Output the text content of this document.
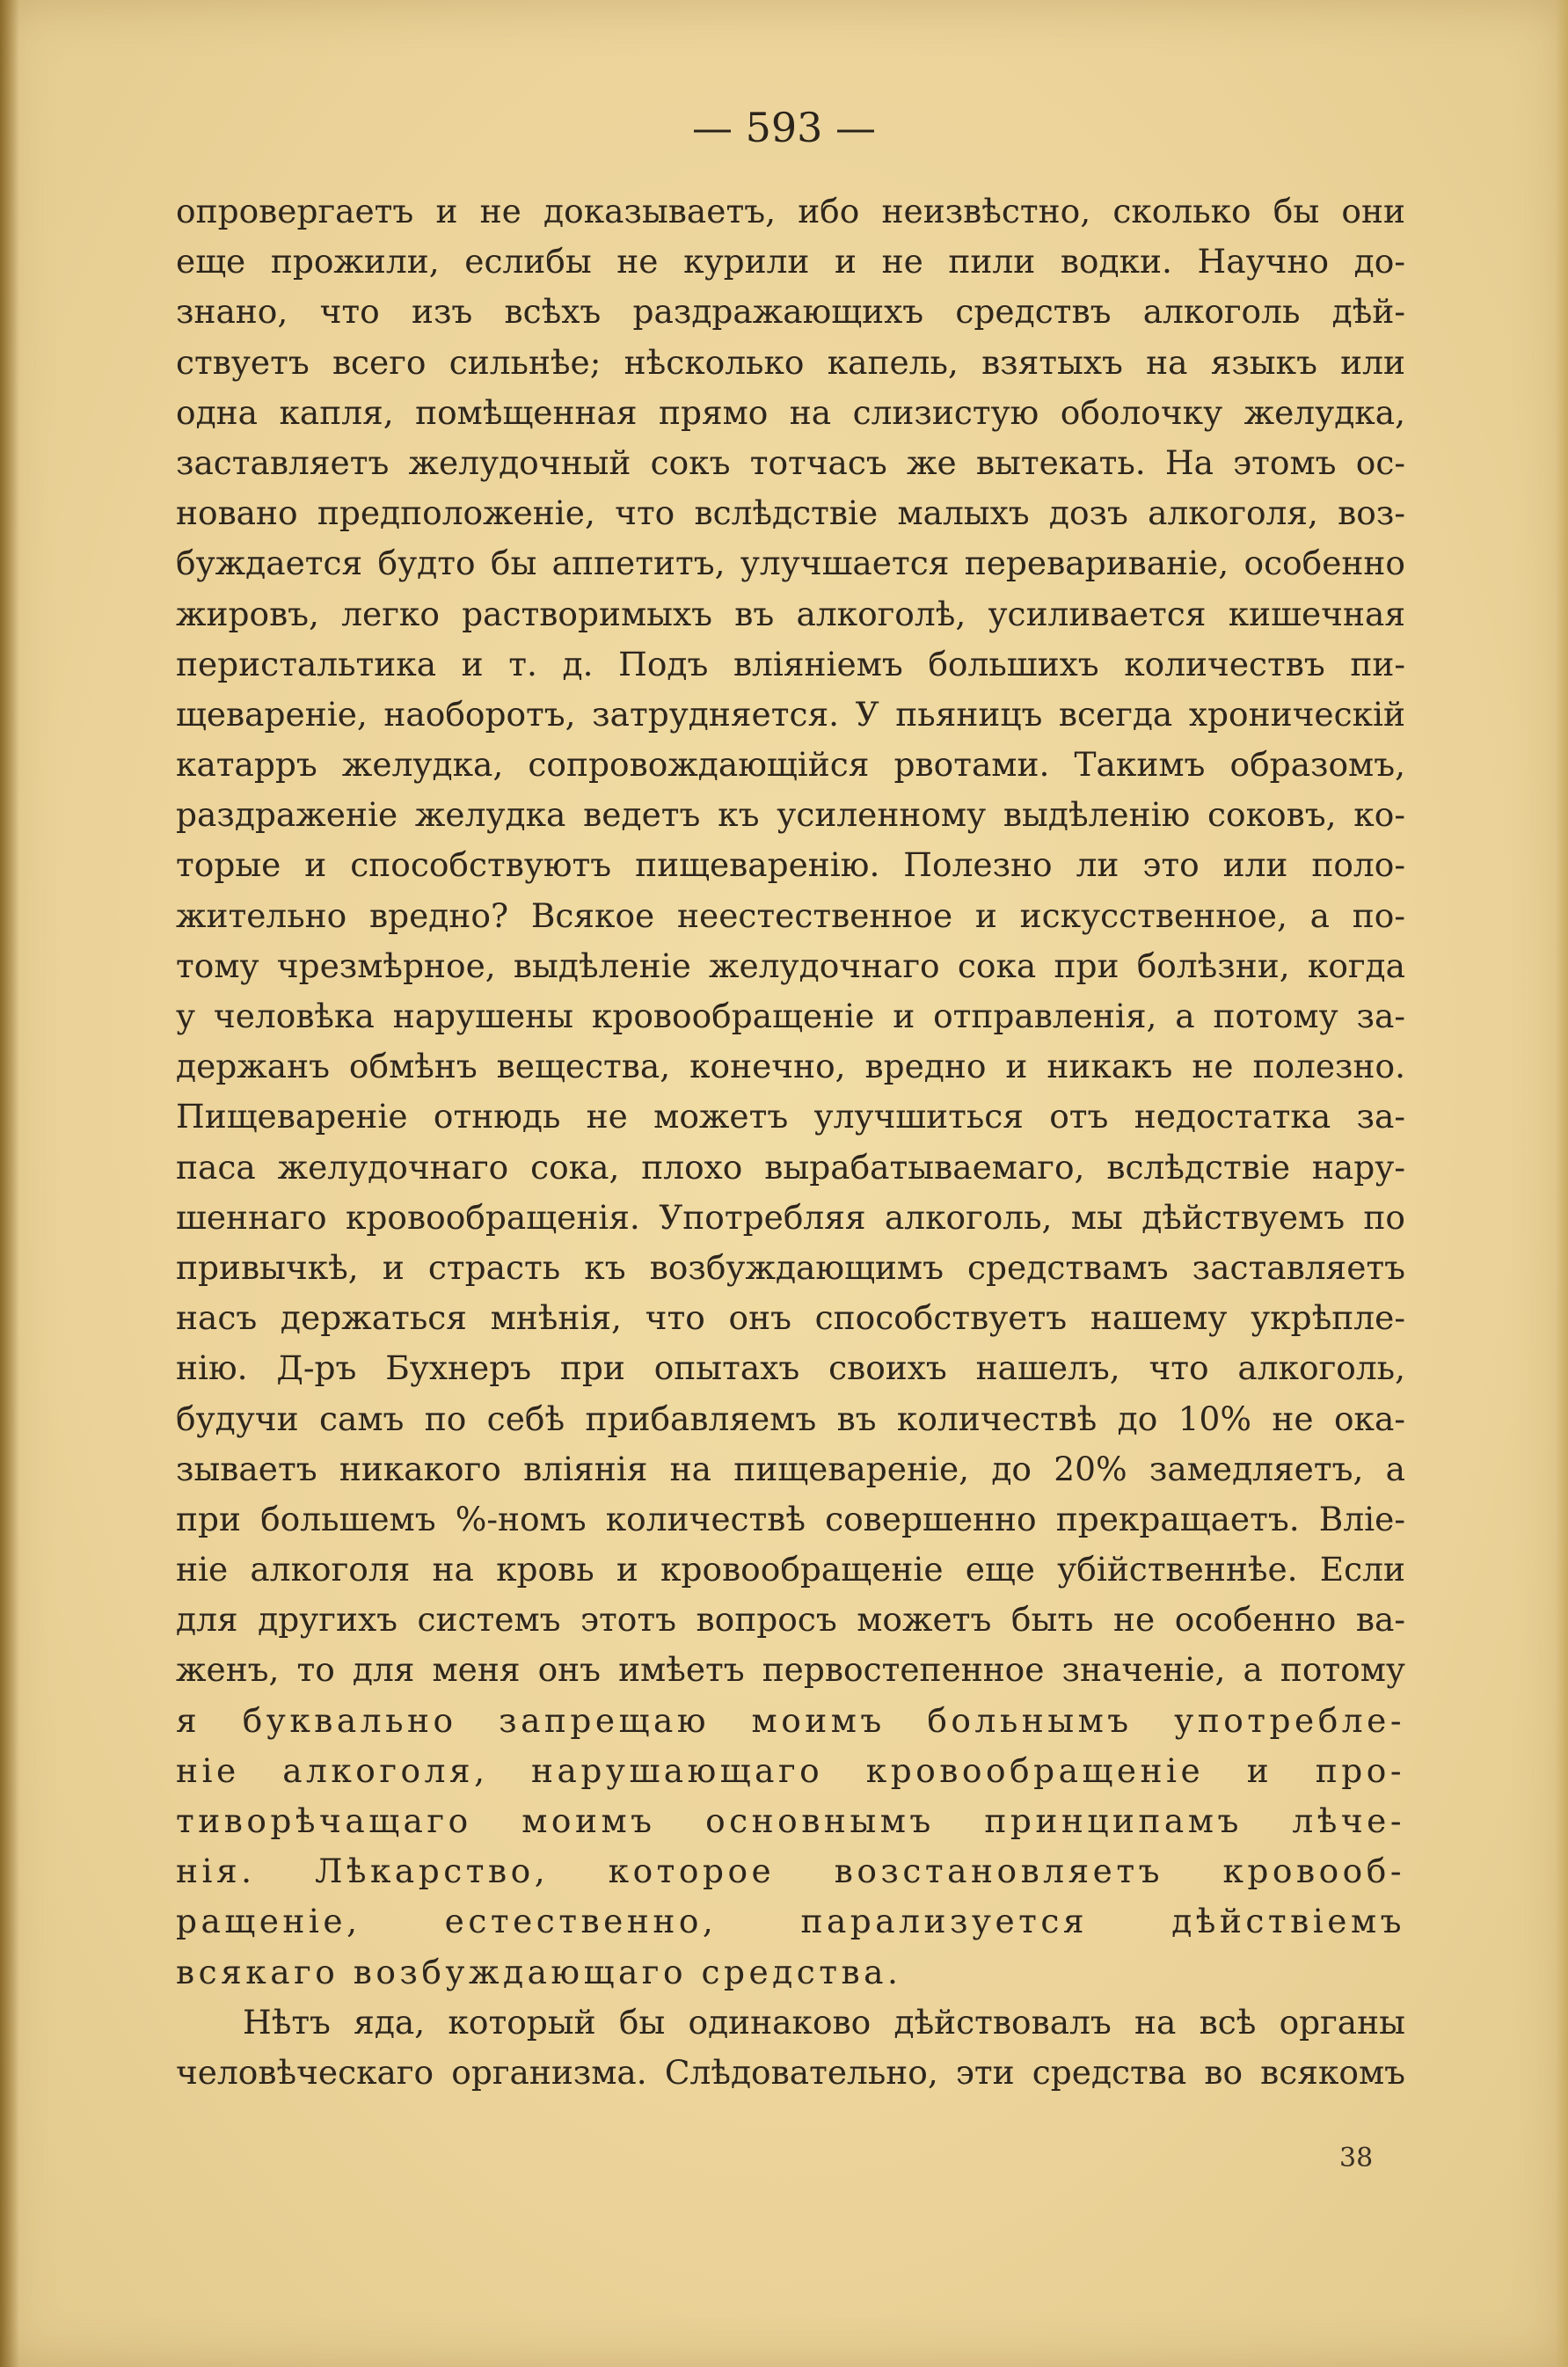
— 593 —
опровергаетъ и не доказываетъ, ибо неизвѣстно, сколько бы они
еще прожили, еслибы не курили и не пили водки. Научно до-
знано, что изъ всѣхъ раздражающихъ средствъ алкоголь дѣй-
ствуетъ всего сильнѣе; нѣсколько капель, взятыхъ на языкъ или
одна капля, помѣщенная прямо на слизистую оболочку желудка,
заставляетъ желудочный сокъ тотчасъ же вытекать. На этомъ ос-
новано предположеніе, что вслѣдствіе малыхъ дозъ алкоголя, воз-
буждается будто бы аппетитъ, улучшается перевариваніе, особенно
жировъ, легко растворимыхъ въ алкоголѣ, усиливается кишечная
перистальтика и т. д. Подъ вліяніемъ большихъ количествъ пи-
щевареніе, наоборотъ, затрудняется. У пьяницъ всегда хроническій
катарръ желудка, сопровождающійся рвотами. Такимъ образомъ,
раздраженіе желудка ведетъ къ усиленному выдѣленію соковъ, ко-
торые и способствуютъ пищеваренію. Полезно ли это или поло-
жительно вредно? Всякое неестественное и искусственное, а по-
тому чрезмѣрное, выдѣленіе желудочнаго сока при болѣзни, когда
у человѣка нарушены кровообращеніе и отправленія, а потому за-
держанъ обмѣнъ вещества, конечно, вредно и никакъ не полезно.
Пищевареніе отнюдь не можетъ улучшиться отъ недостатка за-
паса желудочнаго сока, плохо вырабатываемаго, вслѣдствіе нару-
шеннаго кровообращенія. Употребляя алкоголь, мы дѣйствуемъ по
привычкѣ, и страсть къ возбуждающимъ средствамъ заставляетъ
насъ держаться мнѣнія, что онъ способствуетъ нашему укрѣпле-
нію. Д-ръ Бухнеръ при опытахъ своихъ нашелъ, что алкоголь,
будучи самъ по себѣ прибавляемъ въ количествѣ до 10% не ока-
зываетъ никакого вліянія на пищевареніе, до 20% замедляетъ, а
при большемъ %-номъ количествѣ совершенно прекращаетъ. Вліе-
ніе алкоголя на кровь и кровообращеніе еще убійственнѣе. Если
для другихъ системъ этотъ вопросъ можетъ быть не особенно ва-
женъ, то для меня онъ имѣетъ первостепенное значеніе, а потому
я буквально запрещаю моимъ больнымъ употребле-
ніе алкоголя, нарушающаго кровообращеніе и про-
тиворѣчащаго моимъ основнымъ принципамъ лѣче-
нія. Лѣкарство, которое возстановляетъ кровооб-
ращеніе, естественно, парализуется дѣйствіемъ
всякаго возбуждающаго средства.
Нѣтъ яда, который бы одинаково дѣйствовалъ на всѣ органы
человѣческаго организма. Слѣдовательно, эти средства во всякомъ
38
